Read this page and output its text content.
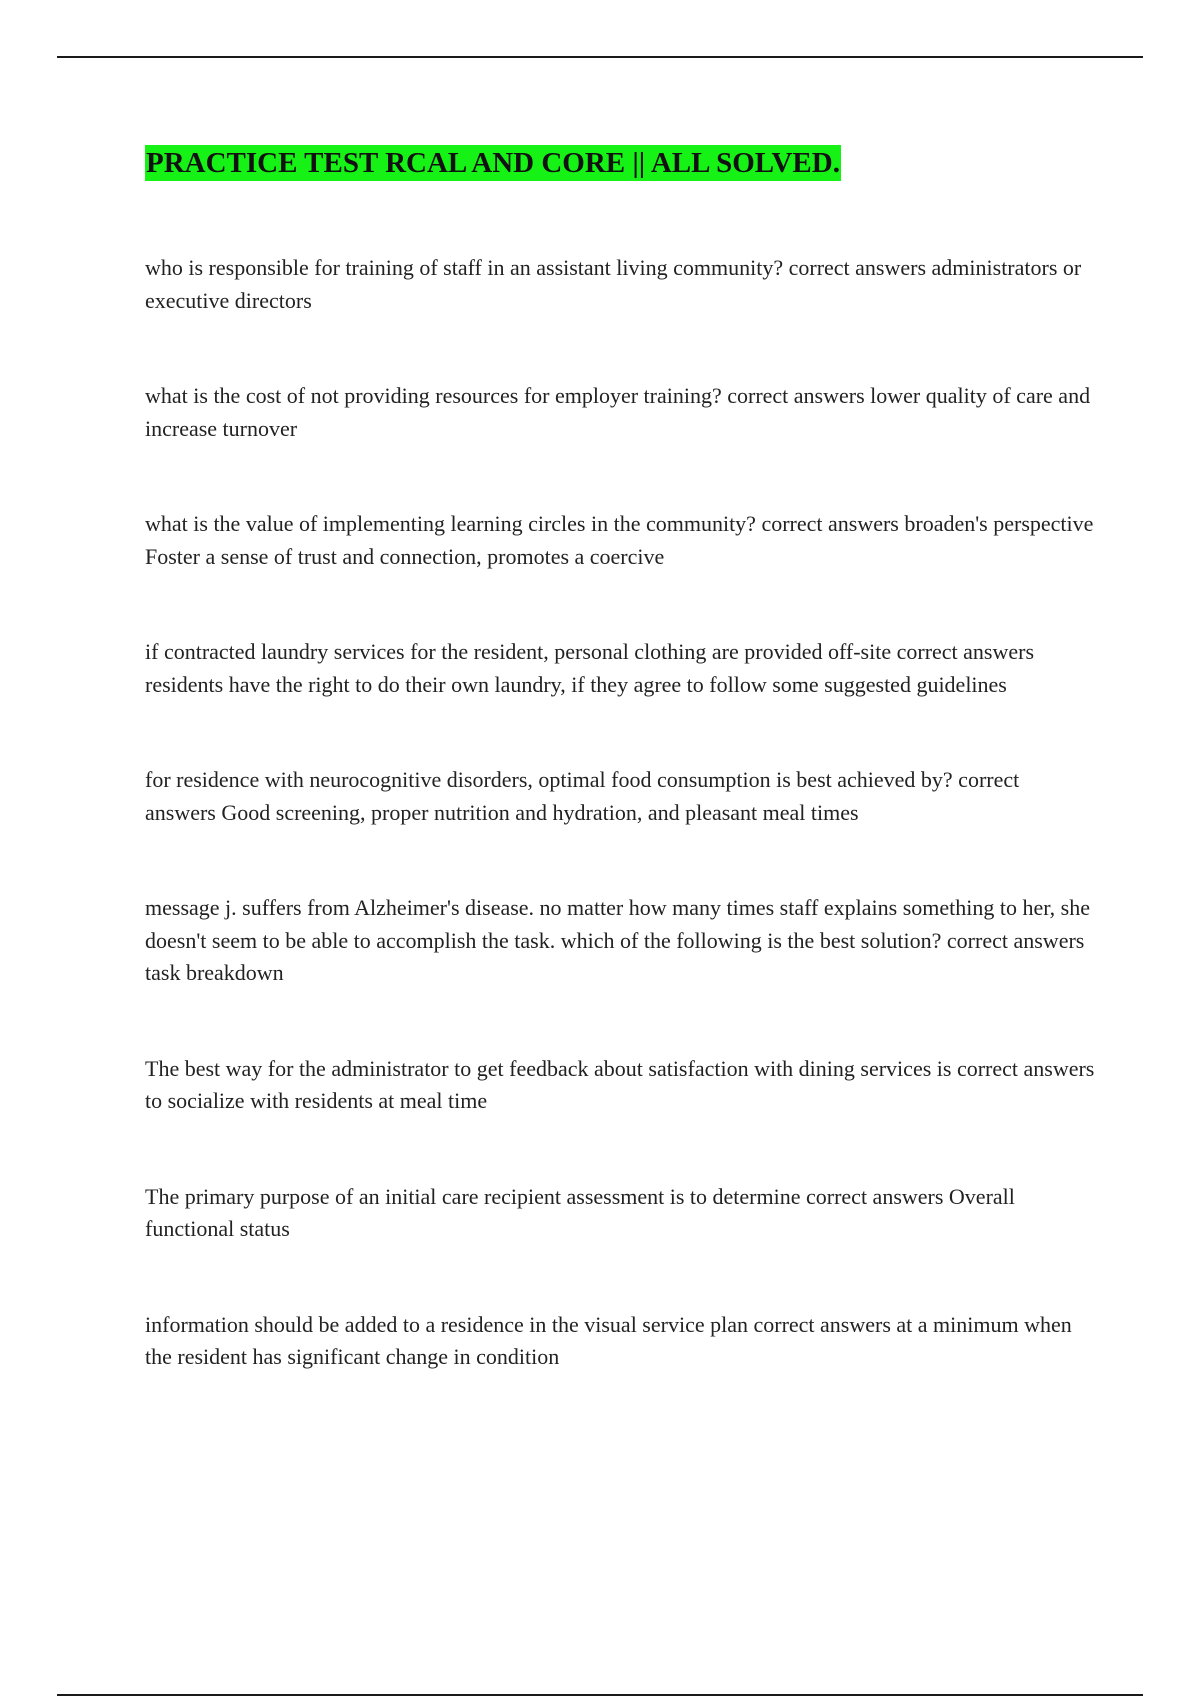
PRACTICE TEST RCAL AND CORE || ALL SOLVED.

who is responsible for training of staff in an assistant living community? correct answers administrators or executive directors

what is the cost of not providing resources for employer training? correct answers lower quality of care and increase turnover

what is the value of implementing learning circles in the community? correct answers broaden's perspective Foster a sense of trust and connection, promotes a coercive

if contracted laundry services for the resident, personal clothing are provided off-site correct answers residents have the right to do their own laundry, if they agree to follow some suggested guidelines

for residence with neurocognitive disorders, optimal food consumption is best achieved by? correct answers Good screening, proper nutrition and hydration, and pleasant meal times

message j. suffers from Alzheimer's disease. no matter how many times staff explains something to her, she doesn't seem to be able to accomplish the task. which of the following is the best solution? correct answers task breakdown

The best way for the administrator to get feedback about satisfaction with dining services is correct answers to socialize with residents at meal time

The primary purpose of an initial care recipient assessment is to determine correct answers Overall functional status

information should be added to a residence in the visual service plan correct answers at a minimum when the resident has significant change in condition
